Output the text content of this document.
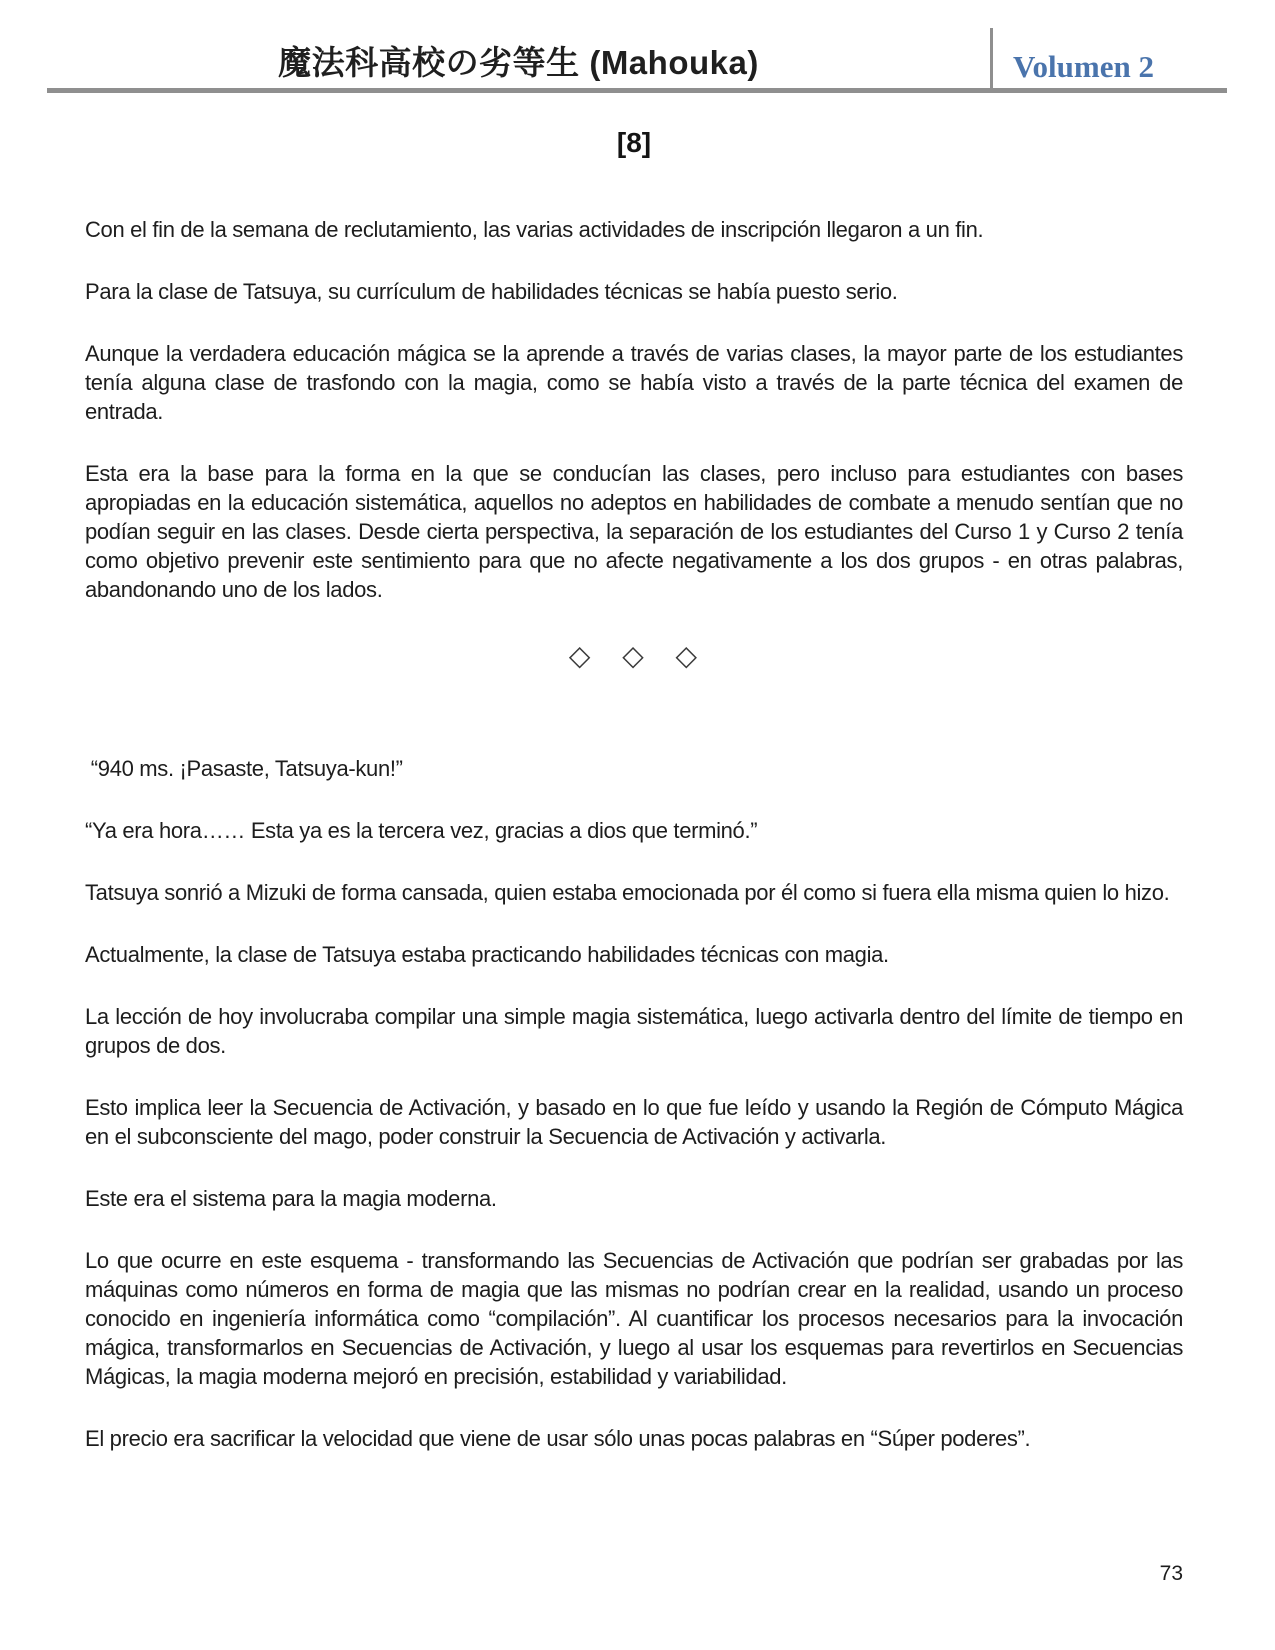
魔法科高校の劣等生 (Mahouka)	Volumen 2
[8]

Con el fin de la semana de reclutamiento, las varias actividades de inscripción llegaron a un fin.

Para la clase de Tatsuya, su currículum de habilidades técnicas se había puesto serio.

Aunque la verdadera educación mágica se la aprende a través de varias clases, la mayor parte de los estudiantes tenía alguna clase de trasfondo con la magia, como se había visto a través de la parte técnica del examen de entrada.

Esta era la base para la forma en la que se conducían las clases, pero incluso para estudiantes con bases apropiadas en la educación sistemática, aquellos no adeptos en habilidades de combate a menudo sentían que no podían seguir en las clases. Desde cierta perspectiva, la separación de los estudiantes del Curso 1 y Curso 2 tenía como objetivo prevenir este sentimiento para que no afecte negativamente a los dos grupos - en otras palabras, abandonando uno de los lados.

◇ ◇ ◇

“940 ms. ¡Pasaste, Tatsuya-kun!”

“Ya era hora…… Esta ya es la tercera vez, gracias a dios que terminó.”

Tatsuya sonrió a Mizuki de forma cansada, quien estaba emocionada por él como si fuera ella misma quien lo hizo.

Actualmente, la clase de Tatsuya estaba practicando habilidades técnicas con magia.

La lección de hoy involucraba compilar una simple magia sistemática, luego activarla dentro del límite de tiempo en grupos de dos.

Esto implica leer la Secuencia de Activación, y basado en lo que fue leído y usando la Región de Cómputo Mágica en el subconsciente del mago, poder construir la Secuencia de Activación y activarla.

Este era el sistema para la magia moderna.

Lo que ocurre en este esquema - transformando las Secuencias de Activación que podrían ser grabadas por las máquinas como números en forma de magia que las mismas no podrían crear en la realidad, usando un proceso conocido en ingeniería informática como “compilación”. Al cuantificar los procesos necesarios para la invocación mágica, transformarlos en Secuencias de Activación, y luego al usar los esquemas para revertirlos en Secuencias Mágicas, la magia moderna mejoró en precisión, estabilidad y variabilidad.

El precio era sacrificar la velocidad que viene de usar sólo unas pocas palabras en “Súper poderes”.

73
